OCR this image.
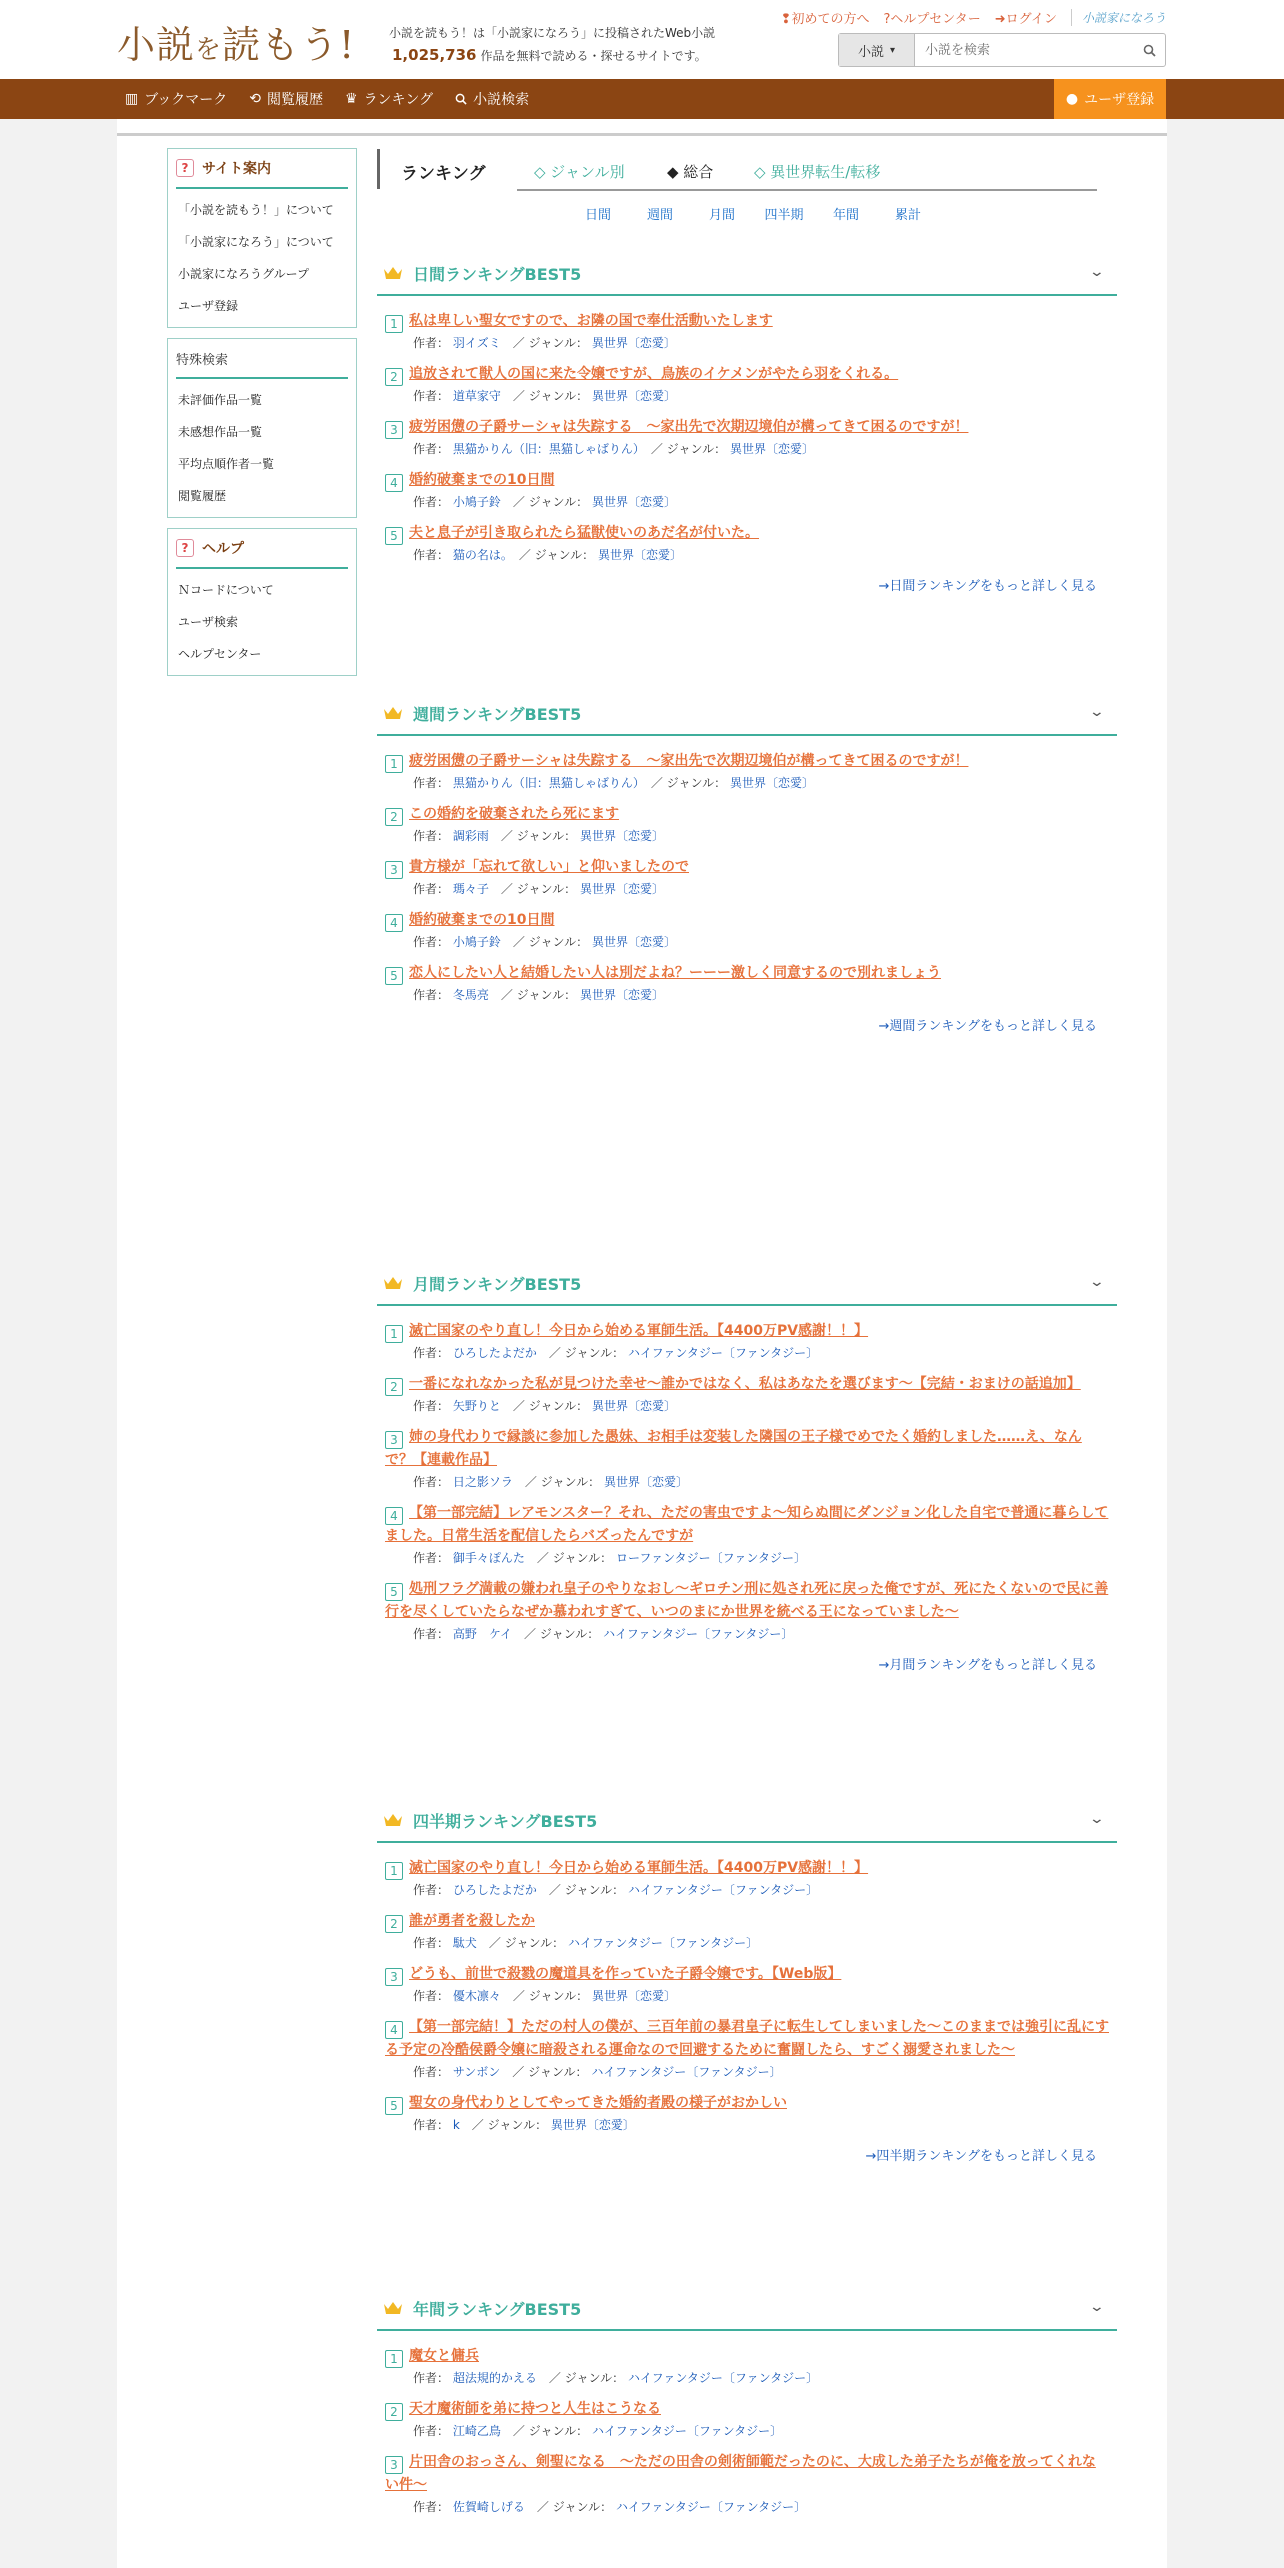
小説を読もう!	小説を読もう！は「小説家になろう」に投稿されたWeb小説
1,025,736 作品を無料で読める・探せるサイトです。
❢初めての方へ ?ヘルプセンター ➜ログイン	小説家になろう
小説 ▾
小説を検索
▥ ブックマーク ⟲ 閲覧履歴 ♛ ランキング	小説検索	● ユーザ登録
? サイト案内
「小説を読もう！」について
「小説家になろう」について
小説家になろうグループ
ユーザ登録
特殊検索
未評価作品一覧
未感想作品一覧
平均点順作者一覧
閲覧履歴
? ヘルプ
Ｎコードについて
ユーザ検索
ヘルプセンター
ランキング	◇ ジャンル別	◆ 総合	◇ 異世界転生/転移
日間	週間	月間	四半期	年間	累計
日間ランキングBEST5	⌄
1 私は卑しい聖女ですので、お隣の国で奉仕活動いたします
作者： 羽イズミ　／ ジャンル： 異世界〔恋愛〕
2 追放されて獣人の国に来た令嬢ですが、鳥族のイケメンがやたら羽をくれる。
作者： 道草家守　／ ジャンル： 異世界〔恋愛〕
3 疲労困憊の子爵サーシャは失踪する　〜家出先で次期辺境伯が構ってきて困るのですが！
作者： 黒猫かりん（旧：黒猫しゃばりん）　／ ジャンル： 異世界〔恋愛〕
4 婚約破棄までの10日間
作者： 小鳩子鈴　／ ジャンル： 異世界〔恋愛〕
5 夫と息子が引き取られたら猛獣使いのあだ名が付いた。
作者： 猫の名は。　／ ジャンル： 異世界〔恋愛〕
→日間ランキングをもっと詳しく見る
週間ランキングBEST5	⌄
1 疲労困憊の子爵サーシャは失踪する　〜家出先で次期辺境伯が構ってきて困るのですが！
作者： 黒猫かりん（旧：黒猫しゃばりん）　／ ジャンル： 異世界〔恋愛〕
2 この婚約を破棄されたら死にます
作者： 調彩雨　／ ジャンル： 異世界〔恋愛〕
3 貴方様が「忘れて欲しい」と仰いましたので
作者： 瑪々子　／ ジャンル： 異世界〔恋愛〕
4 婚約破棄までの10日間
作者： 小鳩子鈴　／ ジャンル： 異世界〔恋愛〕
5 恋人にしたい人と結婚したい人は別だよね？ーーー激しく同意するので別れましょう
作者： 冬馬亮　／ ジャンル： 異世界〔恋愛〕
→週間ランキングをもっと詳しく見る
月間ランキングBEST5	⌄
1 滅亡国家のやり直し！今日から始める軍師生活。【4400万PV感謝！！】
作者： ひろしたよだか　／ ジャンル： ハイファンタジー〔ファンタジー〕
2 一番になれなかった私が見つけた幸せ〜誰かではなく、私はあなたを選びます〜【完結・おまけの話追加】
作者： 矢野りと　／ ジャンル： 異世界〔恋愛〕
3 姉の身代わりで縁談に参加した愚妹、お相手は変装した隣国の王子様でめでたく婚約しました……え、なんで？【連載作品】
作者： 日之影ソラ　／ ジャンル： 異世界〔恋愛〕
4 【第一部完結】レアモンスター？それ、ただの害虫ですよ～知らぬ間にダンジョン化した自宅で普通に暮らしてました。日常生活を配信したらバズったんですが
作者： 御手々ぽんた　／ ジャンル： ローファンタジー〔ファンタジー〕
5 処刑フラグ満載の嫌われ皇子のやりなおし～ギロチン刑に処され死に戻った俺ですが、死にたくないので民に善行を尽くしていたらなぜか慕われすぎて、いつのまにか世界を統べる王になっていました～
作者： 高野　ケイ　／ ジャンル： ハイファンタジー〔ファンタジー〕
→月間ランキングをもっと詳しく見る
四半期ランキングBEST5	⌄
1 滅亡国家のやり直し！今日から始める軍師生活。【4400万PV感謝！！】
作者： ひろしたよだか　／ ジャンル： ハイファンタジー〔ファンタジー〕
2 誰が勇者を殺したか
作者： 駄犬　／ ジャンル： ハイファンタジー〔ファンタジー〕
3 どうも、前世で殺戮の魔道具を作っていた子爵令嬢です。【Web版】
作者： 優木凛々　／ ジャンル： 異世界〔恋愛〕
4 【第一部完結！】ただの村人の僕が、三百年前の暴君皇子に転生してしまいました～このままでは強引に乱にする予定の冷酷侯爵令嬢に暗殺される運命なので回避するために奮闘したら、すごく溺愛されました～
作者： サンボン　／ ジャンル： ハイファンタジー〔ファンタジー〕
5 聖女の身代わりとしてやってきた婚約者殿の様子がおかしい
作者： k　／ ジャンル： 異世界〔恋愛〕
→四半期ランキングをもっと詳しく見る
年間ランキングBEST5	⌄
1 魔女と傭兵
作者： 超法規的かえる　／ ジャンル： ハイファンタジー〔ファンタジー〕
2 天才魔術師を弟に持つと人生はこうなる
作者： 江崎乙鳥　／ ジャンル： ハイファンタジー〔ファンタジー〕
3 片田舎のおっさん、剣聖になる　～ただの田舎の剣術師範だったのに、大成した弟子たちが俺を放ってくれない件～
作者： 佐賀崎しげる　／ ジャンル： ハイファンタジー〔ファンタジー〕
